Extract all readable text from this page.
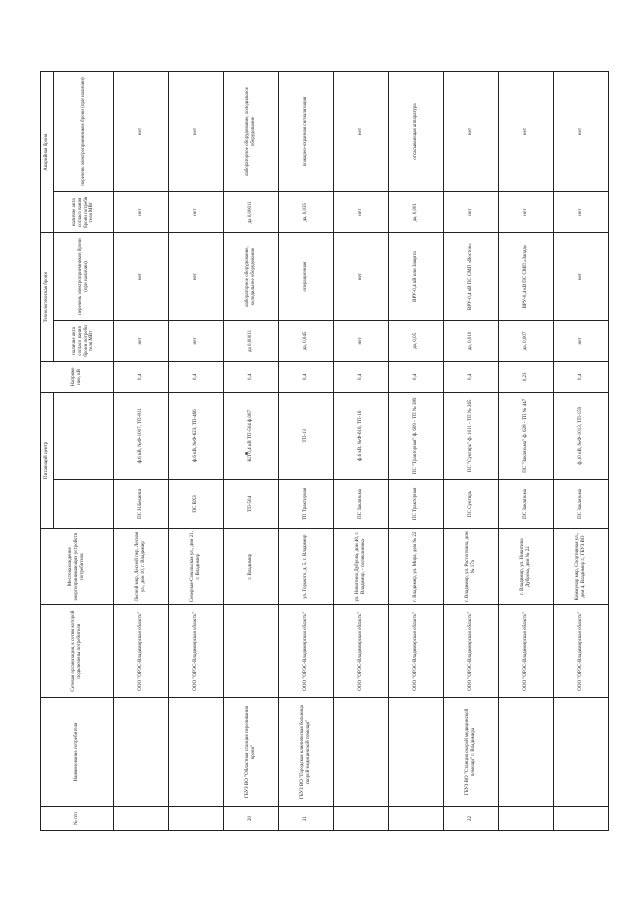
№ п/п	Наименование потребителя	Сетевая организация, к сетям которой подключены потребители	Местонахождение энергопринимающих устройств потребителя	Питающий центр		Напряже ние, кВ	Технологическая броня		Аварийная броня	
							наличие акта согласо вания брони потреби теля МВт	перечень электроприемников брони (при наличии)	наличие акта согласо вания брони потреби теля МВт	перечень электроприемников брони (при наличии)
		ООО "ОРЭС-Владимирская область"	Лесной мкр, Лесной пер, Лесная ул., дом 10, г. Владимир	ПС Н.Бекинш	ф.6 кВ, №Ф-1007, ТП-811	0,4	нет	нет	нет	нет
		ООО "ОРЭС-Владимирская область"	Северная-Сокольская ул., дом 21, г. Владимир	ПС ВХЗ	ф.6 кВ, №Ф-623, ТП-466	0,4	нет	нет	нет	нет
20	ГБУЗ ВО "Областная станция переливания крови"		г. Владимир	ТП-504	КЛ 0,4 кВ ТП-504 ф.067	0,4	да 0,00011	лабораторное оборудование, холодильное оборудование	да 0,00011	лабораторное оборудование, холодильное оборудование
21	ГБУЗ ВО "Городская клиническая больница скорой медицинской помощи"	ООО "ОРЭС-Владимирская область"	ул. Горького, д. 5, г. Владимир	ТП Тракторная	ТП-13	0,4	да, 0,045	операционная	да, 0,035	пожарно-охранная сигнализация
		ООО "ОРЭС-Владимирская область"	ул. Никитина Дуброва, дом 40, г. Владимир, - поликлиника	ПС Заклязьма	ф.6 кВ, №Ф-616, ТП-16	0,4	нет	нет	нет	нет
		ООО "ОРЭС-Владимирская область"	г. Владимир, ул. Мира, дом № 22	ПС Тракторная	ПС "Тракторная" ф. 609 - ТП № 389	0,4	да, 0,05	ВРУ-0,4 кВ или Защита	да, 0,001	отсасывающая аппаратура
22	ГБУЗ ВО "Станция скорой медицинской помощи" г. Владимира	ООО "ОРЭС-Владимирская область"	г. Владимир, ул. Растопчина, дом № 17а	ПС Сунгирь	ПС "Сунгирь" ф. 1011 - ТП № 265	0,4	да, 0,010	ВРУ-0,4 кВ ПС СМП «Восток»	нет	нет
		ООО "ОРЭС-Владимирская область"	г. Владимир, ул. Никитина Дуброва, дом № 22	ПС Заклязьма	ПС "Заклязьма" ф. 628 - ТП № 447	0,23	да, 0,007	ВРУ-0,4 кВ ПС СМП «Запад»	нет	нет
		ООО "ОРЭС-Владимирская область"	Коммунар мкр, Спортивная ул., дом 4, Владимир г., ГБУЗ ВО	ПС Заклязьма	ф.10 кВ, №Ф-1013, ТП-159	0,4	нет	нет	нет	нет
